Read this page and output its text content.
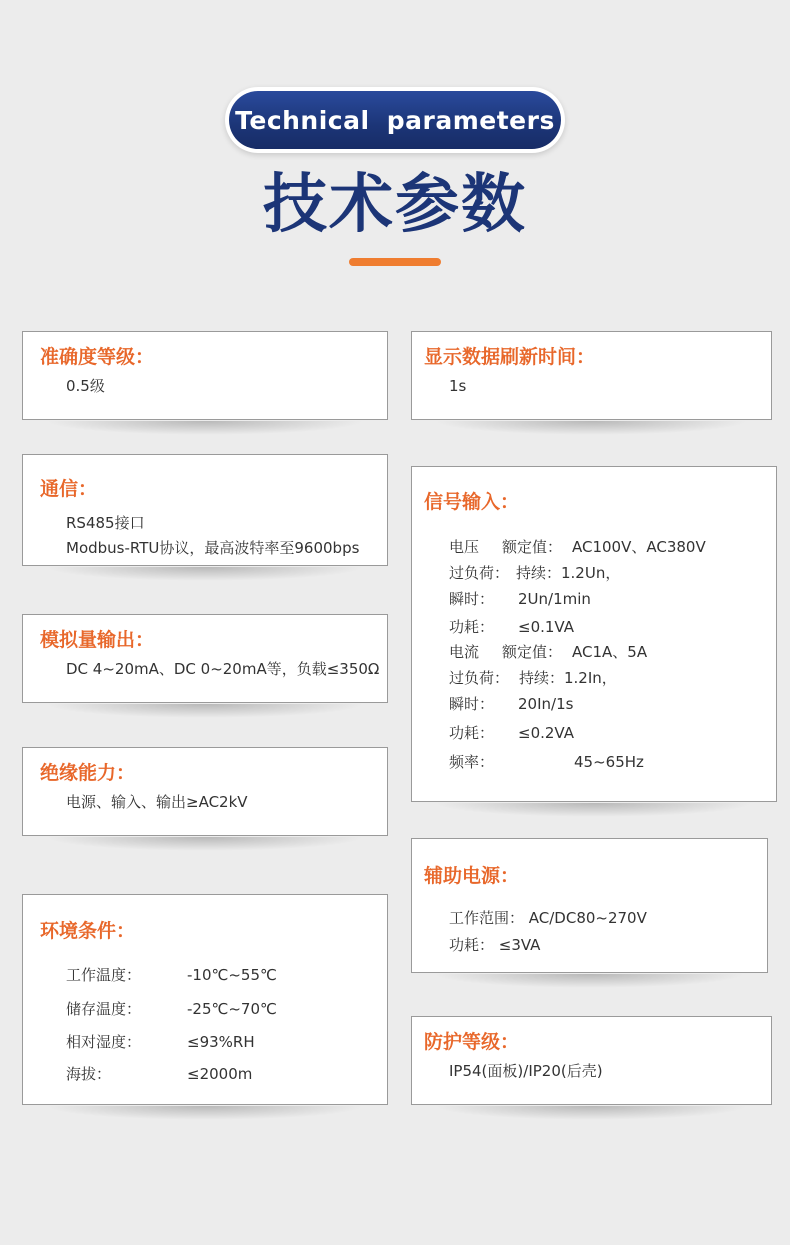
Technical parameters
技术参数
准确度等级：
0.5级
通信：
RS485接口
Modbus-RTU协议，最高波特率至9600bps
模拟量输出：
DC 4~20mA、DC 0~20mA等，负载≤350Ω
绝缘能力：
电源、输入、输出≥AC2kV
环境条件：
工作温度：	-10℃~55℃
储存温度：	-25℃~70℃
相对湿度：	≤93%RH
海拔：	≤2000m
显示数据刷新时间：
1s
信号输入：
电压 额定值： AC100V、AC380V
过负荷： 持续：1.2Un，
瞬时： 2Un/1min
功耗： ≤0.1VA
电流 额定值： AC1A、5A
过负荷： 持续：1.2In，
瞬时： 20In/1s
功耗： ≤0.2VA
频率：	45~65Hz
辅助电源：
工作范围： AC/DC80~270V
功耗： ≤3VA
防护等级：
IP54(面板)/IP20(后壳)
